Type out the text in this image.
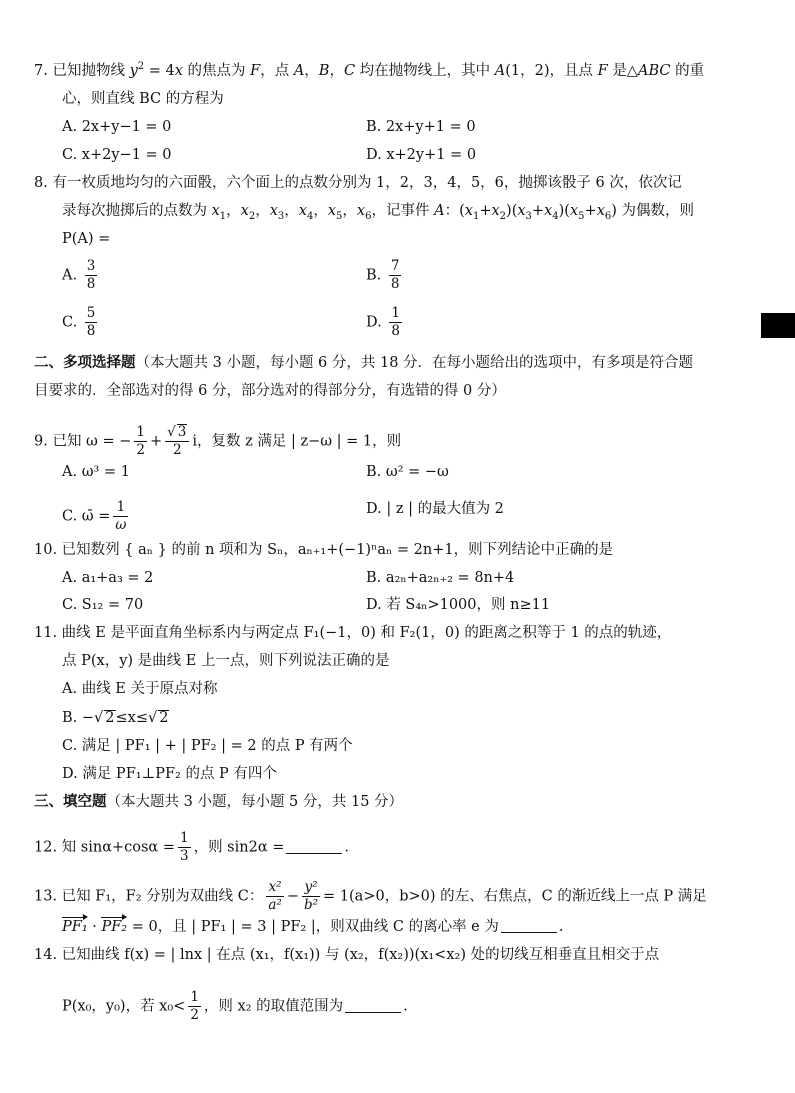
7. 已知抛物线 $y^2 = 4x$ 的焦点为 F，点 A，B，C 均在抛物线上，其中 A(1，2)，且点 F 是△ABC 的重
心，则直线 BC 的方程为
A. 2x+y−1 = 0	B. 2x+y+1 = 0
C. x+2y−1 = 0	D. x+2y+1 = 0
8. 有一枚质地均匀的六面骰，六个面上的点数分别为 1，2，3，4，5，6，抛掷该骰子 6 次，依次记
录每次抛掷后的点数为 $x_1$，$x_2$，$x_3$，$x_4$，$x_5$，$x_6$，记事件 A：$(x_1+x_2)(x_3+x_4)(x_5+x_6)$ 为偶数，则
P(A) =
A. $\frac{3}{8}$	B. $\frac{7}{8}$
C. $\frac{5}{8}$	D. $\frac{1}{8}$
二、多项选择题（本大题共 3 小题，每小题 6 分，共 18 分．在每小题给出的选项中，有多项是符合题
目要求的．全部选对的得 6 分，部分选对的得部分分，有选错的得 0 分）
9. 已知 ω = − $\frac{1}{2} + \frac{√ 3}{2}$ i，复数 z 满足 | z−ω | = 1，则
A. ω³ = 1	B. ω² = −ω
C. ω̄ = $\frac{1}{\omega}$	D. | z | 的最大值为 2
10. 已知数列 { aₙ } 的前 n 项和为 Sₙ，aₙ₊₁+(−1)ⁿaₙ = 2n+1，则下列结论中正确的是
A. a₁+a₃ = 2	B. a₂ₙ+a₂ₙ₊₂ = 8n+4
C. S₁₂ = 70	D. 若 S₄ₙ>1000，则 n≥11
11. 曲线 E 是平面直角坐标系内与两定点 F₁(−1，0) 和 F₂(1，0) 的距离之积等于 1 的点的轨迹，
点 P(x，y) 是曲线 E 上一点，则下列说法正确的是
A. 曲线 E 关于原点对称
B. −√ 2≤x≤√ 2
C. 满足 | PF₁ | + | PF₂ | = 2 的点 P 有两个
D. 满足 PF₁⊥PF₂ 的点 P 有四个
三、填空题（本大题共 3 小题，每小题 5 分，共 15 分）
12. 知 $\sin\alpha+\cos\alpha = \frac{1}{3}$ ，则 sin2α =	.
13. 已知 F₁，F₂ 分别为双曲线 C： $\frac{\text{x²}}{\text{a²}} - \frac{\text{y²}}{\text{b²}} = 1(a>0$，b>0) 的左、右焦点，C 的渐近线上一点 P 满足
PF₁ · PF₂ = 0，且 | PF₁ | = 3 | PF₂ |，则双曲线 C 的离心率 e 为	.
14. 已知曲线 f(x) = | lnx | 在点 (x₁，f(x₁)) 与 (x₂，f(x₂))(x₁<x₂) 处的切线互相垂直且相交于点
P(x₀，y₀)，若 $x_0< \frac{1}{2}$ ，则 x₂ 的取值范围为	.
